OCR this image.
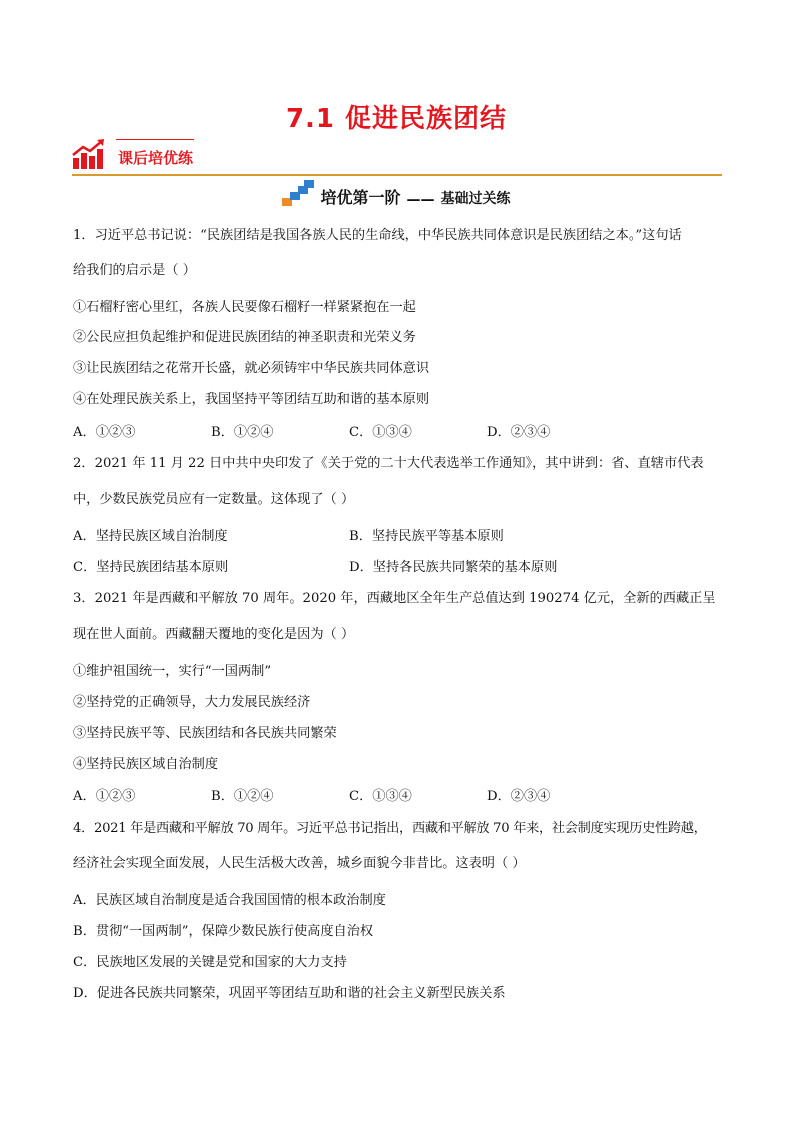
7.1 促进民族团结
课后培优练
培优第一阶 —— 基础过关练
1．习近平总书记说：“民族团结是我国各族人民的生命线，中华民族共同体意识是民族团结之本。”这句话
给我们的启示是（ ）
①石榴籽密心里红，各族人民要像石榴籽一样紧紧抱在一起
②公民应担负起维护和促进民族团结的神圣职责和光荣义务
③让民族团结之花常开长盛，就必须铸牢中华民族共同体意识
④在处理民族关系上，我国坚持平等团结互助和谐的基本原则
A．①②③	B．①②④	C．①③④	D．②③④
2．2021 年 11 月 22 日中共中央印发了《关于党的二十大代表选举工作通知》，其中讲到：省、直辖市代表
中，少数民族党员应有一定数量。这体现了（ ）
A．坚持民族区域自治制度	B．坚持民族平等基本原则
C．坚持民族团结基本原则	D．坚持各民族共同繁荣的基本原则
3．2021 年是西藏和平解放 70 周年。2020 年，西藏地区全年生产总值达到 190274 亿元，全新的西藏正呈
现在世人面前。西藏翻天覆地的变化是因为（ ）
①维护祖国统一，实行“一国两制”
②坚持党的正确领导，大力发展民族经济
③坚持民族平等、民族团结和各民族共同繁荣
④坚持民族区域自治制度
A．①②③	B．①②④	C．①③④	D．②③④
4．2021 年是西藏和平解放 70 周年。习近平总书记指出，西藏和平解放 70 年来，社会制度实现历史性跨越，
经济社会实现全面发展，人民生活极大改善，城乡面貌今非昔比。这表明（ ）
A．民族区域自治制度是适合我国国情的根本政治制度
B．贯彻“一国两制”，保障少数民族行使高度自治权
C．民族地区发展的关键是党和国家的大力支持
D．促进各民族共同繁荣，巩固平等团结互助和谐的社会主义新型民族关系
